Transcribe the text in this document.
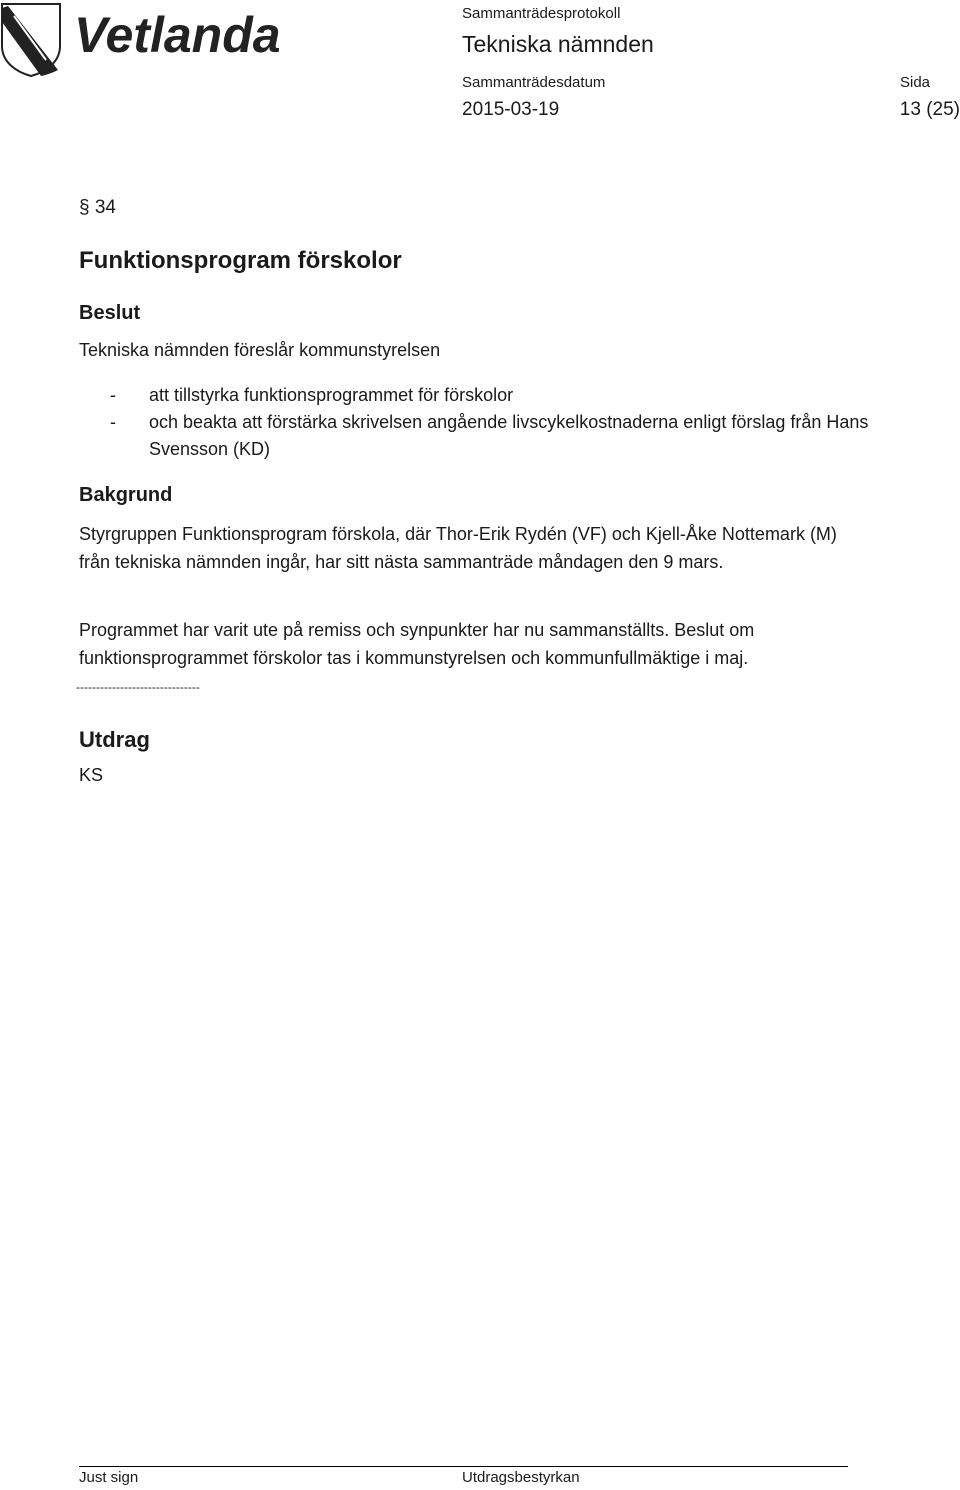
Vetlanda	Sammanträdesprotokoll
Tekniska nämnden
Sammanträdesdatum
2015-03-19
Sida
13 (25)
§ 34
Funktionsprogram förskolor
Beslut
Tekniska nämnden föreslår kommunstyrelsen
- att tillstyrka funktionsprogrammet för förskolor
- och beakta att förstärka skrivelsen angående livscykelkostnaderna enligt förslag från Hans Svensson (KD)
Bakgrund
Styrgruppen Funktionsprogram förskola, där Thor-Erik Rydén (VF) och Kjell-Åke Nottemark (M) från tekniska nämnden ingår, har sitt nästa sammanträde måndagen den 9 mars.
Programmet har varit ute på remiss och synpunkter har nu sammanställts. Beslut om funktionsprogrammet förskolor tas i kommunstyrelsen och kommunfullmäktige i maj.
-------------------------------
Utdrag
KS
Just sign	Utdragsbestyrkan
